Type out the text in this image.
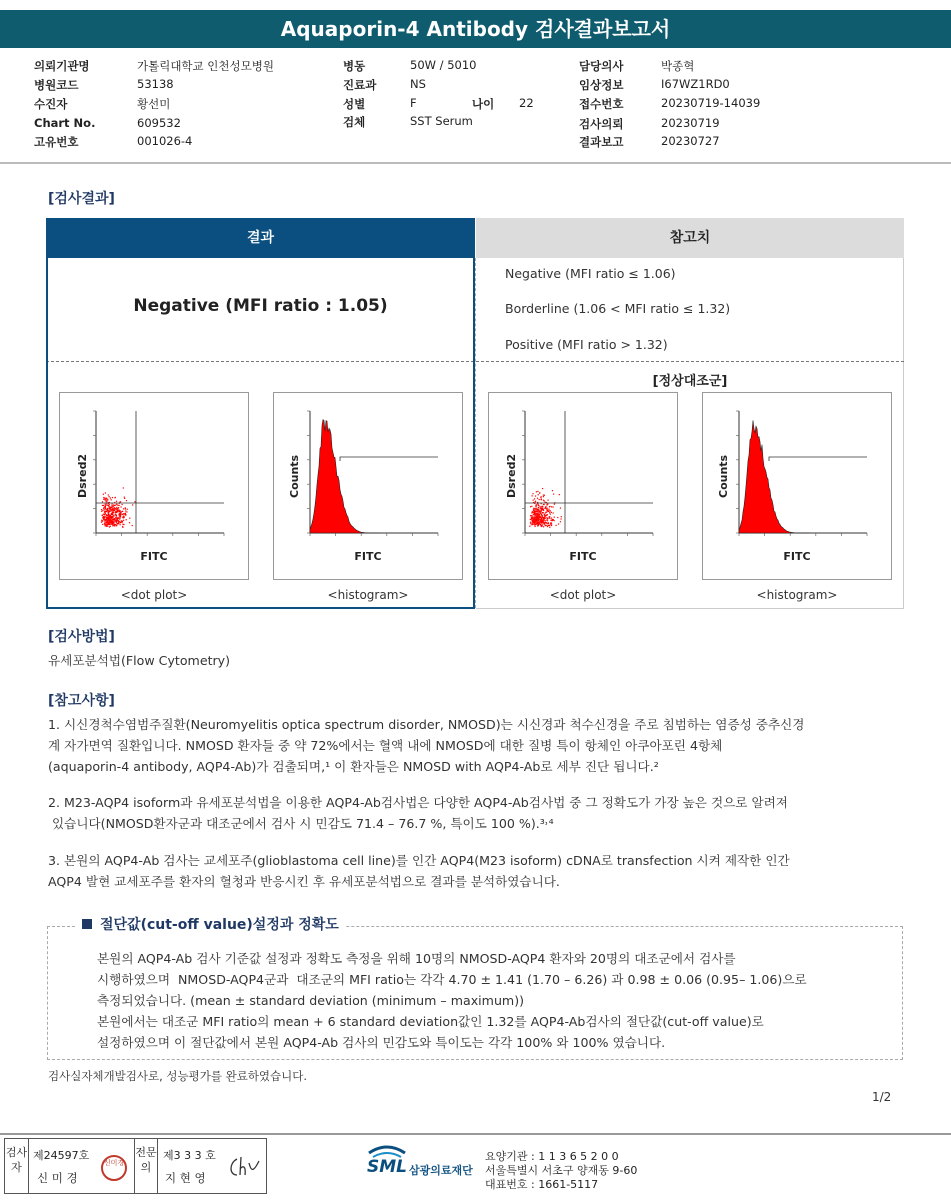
Aquaporin-4 Antibody 검사결과보고서
의뢰기관명	가톨릭대학교 인천성모병원
병원코드	53138
수진자	황선미
Chart No.	609532
고유번호	001026-4
병동	50W / 5010
진료과	NS
성별	F	나이 22
검체	SST Serum
담당의사	박종혁
임상정보	I67WZ1RD0
접수번호	20230719-14039
검사의뢰	20230719
결과보고	20230727
[검사결과]
결과	참고치
Negative (MFI ratio : 1.05)
Negative (MFI ratio ≤ 1.06)
Borderline (1.06 < MFI ratio ≤ 1.32)
Positive (MFI ratio > 1.32)
[정상대조군]
Dsred2
FITC
<dot plot>
Counts
FITC
<histogram>
Dsred2
FITC
<dot plot>
Counts
FITC
<histogram>
[검사방법]
유세포분석법(Flow Cytometry)
[참고사항]
1. 시신경척수염범주질환(Neuromyelitis optica spectrum disorder, NMOSD)는 시신경과 척수신경을 주로 침범하는 염증성 중추신경
계 자가면역 질환입니다. NMOSD 환자들 중 약 72%에서는 혈액 내에 NMOSD에 대한 질병 특이 항체인 아쿠아포린 4항체
(aquaporin-4 antibody, AQP4-Ab)가 검출되며,¹ 이 환자들은 NMOSD with AQP4-Ab로 세부 진단 됩니다.²
2. M23-AQP4 isoform과 유세포분석법을 이용한 AQP4-Ab검사법은 다양한 AQP4-Ab검사법 중 그 정확도가 가장 높은 것으로 알려져
있습니다(NMOSD환자군과 대조군에서 검사 시 민감도 71.4 – 76.7 %, 특이도 100 %).³˒⁴
3. 본원의 AQP4-Ab 검사는 교세포주(glioblastoma cell line)를 인간 AQP4(M23 isoform) cDNA로 transfection 시켜 제작한 인간
AQP4 발현 교세포주를 환자의 혈청과 반응시킨 후 유세포분석법으로 결과를 분석하였습니다.
절단값(cut-off value)설정과 정확도
본원의 AQP4-Ab 검사 기준값 설정과 정확도 측정을 위해 10명의 NMOSD-AQP4 환자와 20명의 대조군에서 검사를
시행하였으며  NMOSD-AQP4군과  대조군의 MFI ratio는 각각 4.70 ± 1.41 (1.70 – 6.26) 과 0.98 ± 0.06 (0.95– 1.06)으로
측정되었습니다. (mean ± standard deviation (minimum – maximum))
본원에서는 대조군 MFI ratio의 mean + 6 standard deviation값인 1.32를 AQP4-Ab검사의 절단값(cut-off value)로
설정하였으며 이 절단값에서 본원 AQP4-Ab 검사의 민감도와 특이도는 각각 100% 와 100% 였습니다.
검사실자체개발검사로, 성능평가를 완료하였습니다.
1/2
검사자
제24597호
신 미 경
신미경
전문의
제3 3 3 호
지 현 영
SML 삼광의료재단
요양기관 : 1 1 3 6 5 2 0 0
서울특별시 서초구 양재동 9-60
대표번호 : 1661-5117
